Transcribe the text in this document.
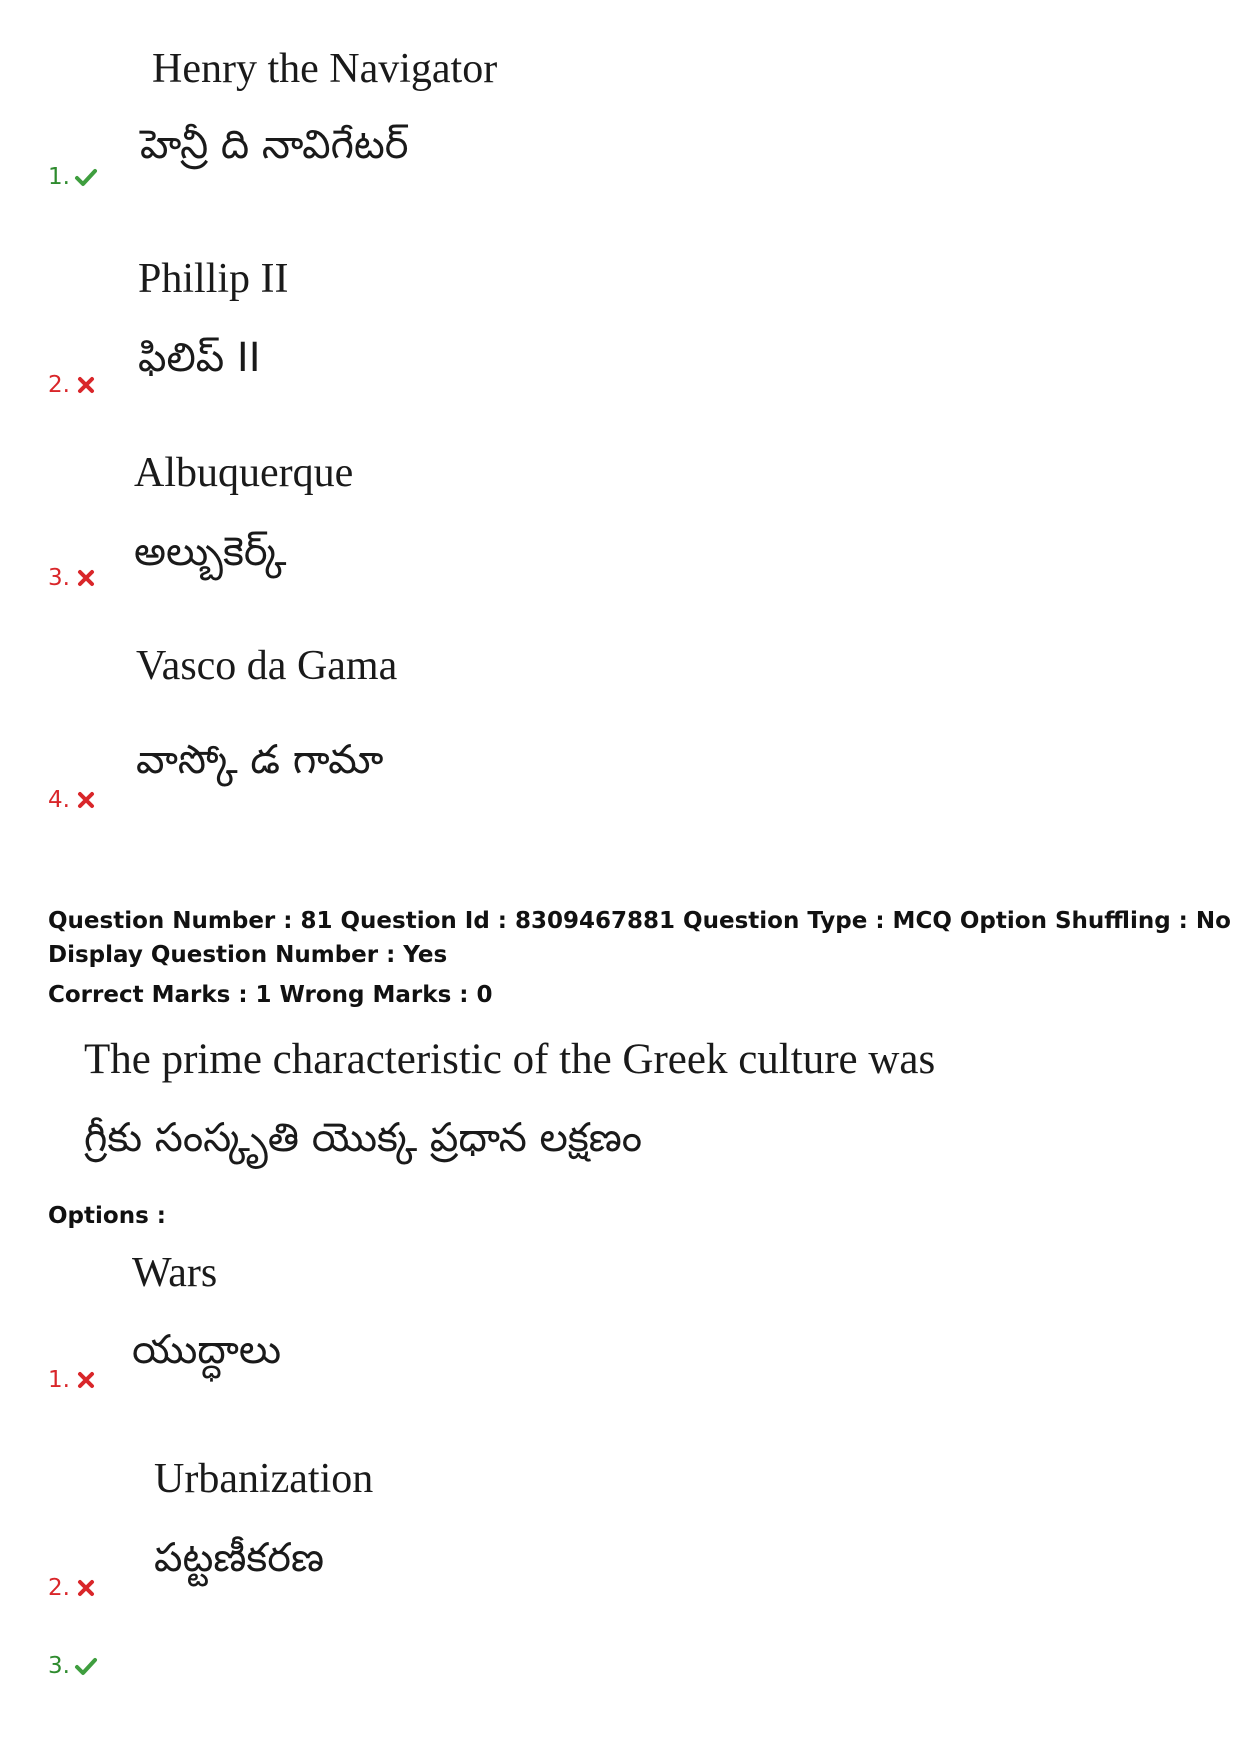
Henry the Navigator
హెన్రీ ది నావిగేటర్
1.
Phillip II
ఫిలిప్ II
2.
Albuquerque
అల్బుకెర్క్
3.
Vasco da Gama
వాస్కో డ గామా
4.
Question Number : 81 Question Id : 8309467881 Question Type : MCQ Option Shuffling : No
Display Question Number : Yes
Correct Marks : 1 Wrong Marks : 0
The prime characteristic of the Greek culture was
గ్రీకు సంస్కృతి యొక్క ప్రధాన లక్షణం
Options :
Wars
యుద్ధాలు
1.
Urbanization
పట్టణీకరణ
2.
3.
